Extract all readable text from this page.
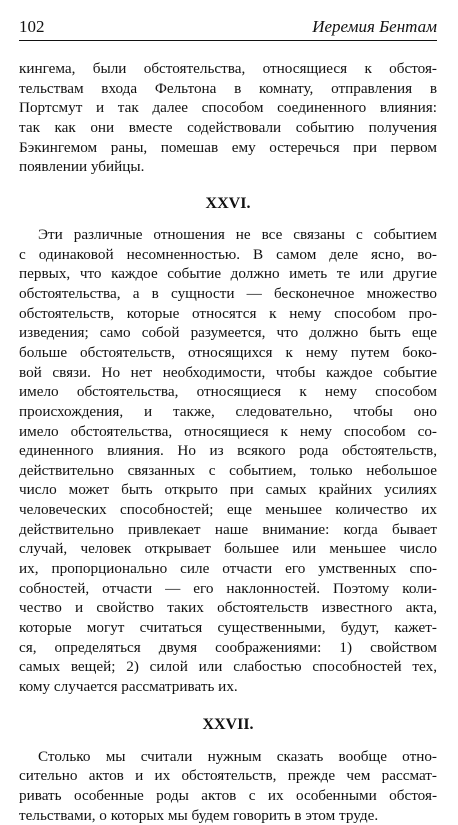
102	Иеремия Бентам
кингема, были обстоятельства, относящиеся к обстоя-
тельствам входа Фельтона в комнату, отправления в
Портсмут и так далее способом соединенного влияния:
так как они вместе содействовали событию получения
Бэкингемом раны, помешав ему остеречься при первом
появлении убийцы.
XXVI.
Эти различные отношения не все связаны с событием
с одинаковой несомненностью. В самом деле ясно, во-
первых, что каждое событие должно иметь те или другие
обстоятельства, а в сущности — бесконечное множество
обстоятельств, которые относятся к нему способом про-
изведения; само собой разумеется, что должно быть еще
больше обстоятельств, относящихся к нему путем боко-
вой связи. Но нет необходимости, чтобы каждое событие
имело обстоятельства, относящиеся к нему способом
происхождения, и также, следовательно, чтобы оно
имело обстоятельства, относящиеся к нему способом со-
единенного влияния. Но из всякого рода обстоятельств,
действительно связанных с событием, только небольшое
число может быть открыто при самых крайних усилиях
человеческих способностей; еще меньшее количество их
действительно привлекает наше внимание: когда бывает
случай, человек открывает большее или меньшее число
их, пропорционально силе отчасти его умственных спо-
собностей, отчасти — его наклонностей. Поэтому коли-
чество и свойство таких обстоятельств известного акта,
которые могут считаться существенными, будут, кажет-
ся, определяться двумя соображениями: 1) свойством
самых вещей; 2) силой или слабостью способностей тех,
кому случается рассматривать их.
XXVII.
Столько мы считали нужным сказать вообще отно-
сительно актов и их обстоятельств, прежде чем рассмат-
ривать особенные роды актов с их особенными обстоя-
тельствами, о которых мы будем говорить в этом труде.
